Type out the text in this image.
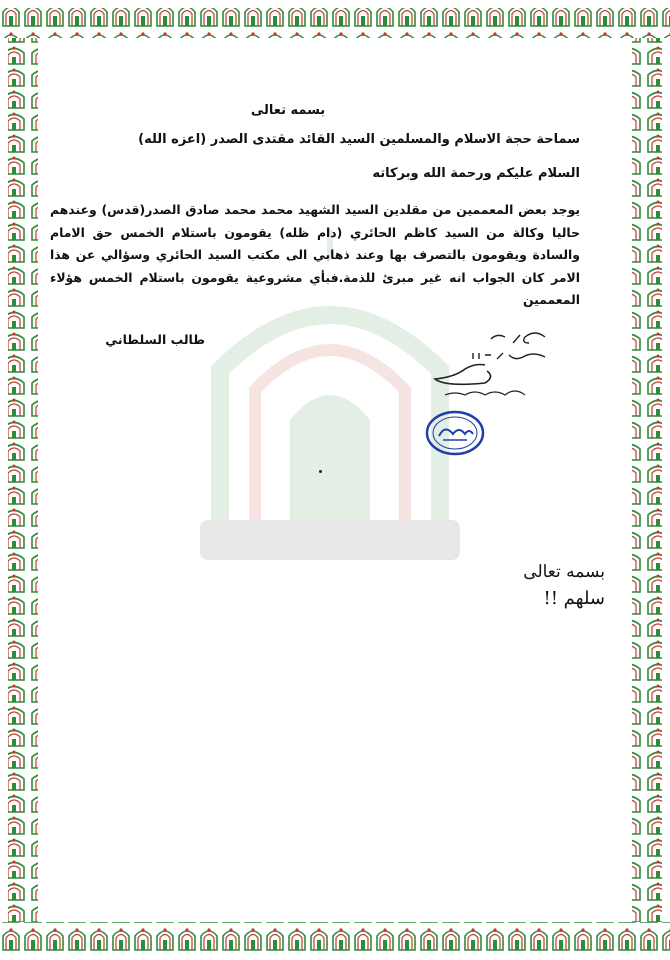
بسمه تعالى
سماحة حجة الاسلام والمسلمين السيد القائد مقتدى الصدر (اعزه الله)
السلام عليكم ورحمة الله وبركاته
يوجد بعض المعممين من مقلدين السيد الشهيد محمد محمد صادق الصدر(قدس) وعندهم حاليا وكالة من السيد كاظم الحائري (دام ظله) يقومون باستلام الخمس حق الامام والسادة ويقومون بالتصرف بها وعند ذهابي الى مكتب السيد الحائري وسؤالي عن هذا الامر كان الجواب انه غير مبرئ للذمة.فبأي مشروعية يقومون باستلام الخمس هؤلاء المعممين
طالب السلطاني
بسمه تعالى
سلهم !!
